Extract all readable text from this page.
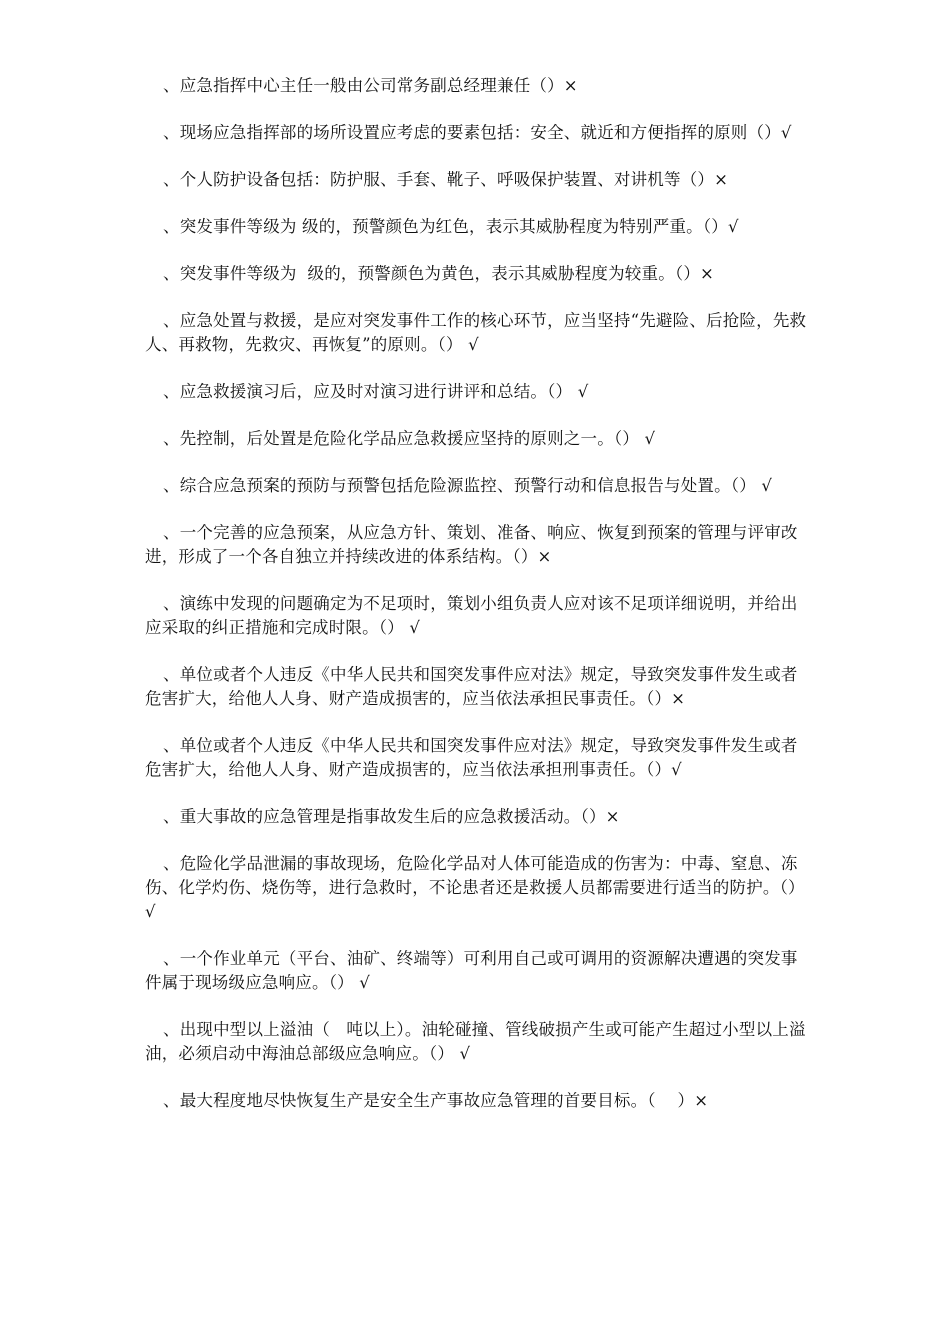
、应急指挥中心主任一般由公司常务副总经理兼任（）×
、现场应急指挥部的场所设置应考虑的要素包括：安全、就近和方便指挥的原则（）√
、个人防护设备包括：防护服、手套、靴子、呼吸保护装置、对讲机等（）×
、突发事件等级为 级的，预警颜色为红色，表示其威胁程度为特别严重。（）√
、突发事件等级为  级的，预警颜色为黄色，表示其威胁程度为较重。（）×
、应急处置与救援，是应对突发事件工作的核心环节，应当坚持“先避险、后抢险，先救人、再救物，先救灾、再恢复”的原则。（） √
、应急救援演习后，应及时对演习进行讲评和总结。（） √
、先控制，后处置是危险化学品应急救援应坚持的原则之一。（） √
、综合应急预案的预防与预警包括危险源监控、预警行动和信息报告与处置。（） √
、一个完善的应急预案，从应急方针、策划、准备、响应、恢复到预案的管理与评审改进，形成了一个各自独立并持续改进的体系结构。（）×
、演练中发现的问题确定为不足项时，策划小组负责人应对该不足项详细说明，并给出应采取的纠正措施和完成时限。（） √
、单位或者个人违反《中华人民共和国突发事件应对法》规定，导致突发事件发生或者危害扩大，给他人人身、财产造成损害的，应当依法承担民事责任。（）×
、单位或者个人违反《中华人民共和国突发事件应对法》规定，导致突发事件发生或者危害扩大，给他人人身、财产造成损害的，应当依法承担刑事责任。（）√
、重大事故的应急管理是指事故发生后的应急救援活动。（）×
、危险化学品泄漏的事故现场，危险化学品对人体可能造成的伤害为：中毒、窒息、冻伤、化学灼伤、烧伤等，进行急救时，不论患者还是救援人员都需要进行适当的防护。（） √
、一个作业单元（平台、油矿、终端等）可利用自己或可调用的资源解决遭遇的突发事件属于现场级应急响应。（） √
、出现中型以上溢油（   吨以上）。油轮碰撞、管线破损产生或可能产生超过小型以上溢油，必须启动中海油总部级应急响应。（） √
、最大程度地尽快恢复生产是安全生产事故应急管理的首要目标。（    ）×
